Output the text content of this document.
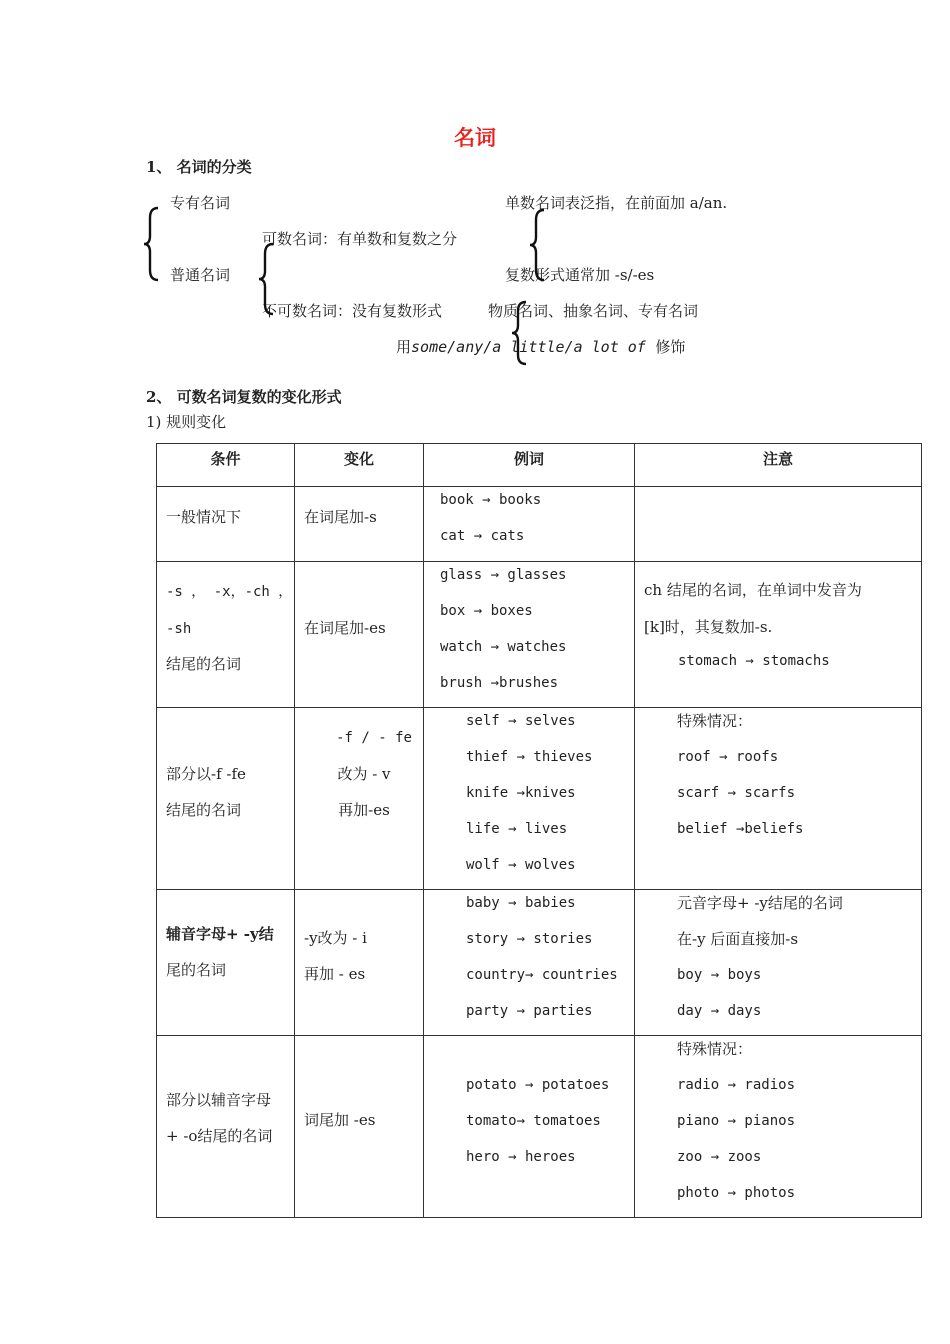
名词
1、 名词的分类
专有名词
普通名词
可数名词：有单数和复数之分
不可数名词：没有复数形式
单数名词表泛指，在前面加 a/an.
复数形式通常加 -s/-es
物质名词、抽象名词、专有名词
用some/any/a little/a lot of 修饰
2、 可数名词复数的变化形式
1) 规则变化
条件	变化	例词	注意

一般情况下	在词尾加-s	book → books
cat → cats	

-s ， -x，-ch ，
-sh
结尾的名词	在词尾加-es	glass → glasses
box → boxes
watch → watches
brush →brushes	ch 结尾的名词，在单词中发音为
[k]时，其复数加-s.
stomach → stomachs

部分以-f -fe
结尾的名词	-f / - fe
改为 - v
再加-es	self → selves
thief → thieves
knife →knives
life → lives
wolf → wolves	特殊情况：
roof → roofs
scarf → scarfs
belief →beliefs

辅音字母+ -y结
尾的名词	-y改为 - i
再加 - es	baby → babies
story → stories
country→ countries
party → parties	元音字母+ -y结尾的名词
在-y 后面直接加-s
boy → boys
day → days

部分以辅音字母
+ -o结尾的名词	词尾加 -es	potato → potatoes
tomato→ tomatoes
hero → heroes	特殊情况：
radio → radios
piano → pianos
zoo → zoos
photo → photos
